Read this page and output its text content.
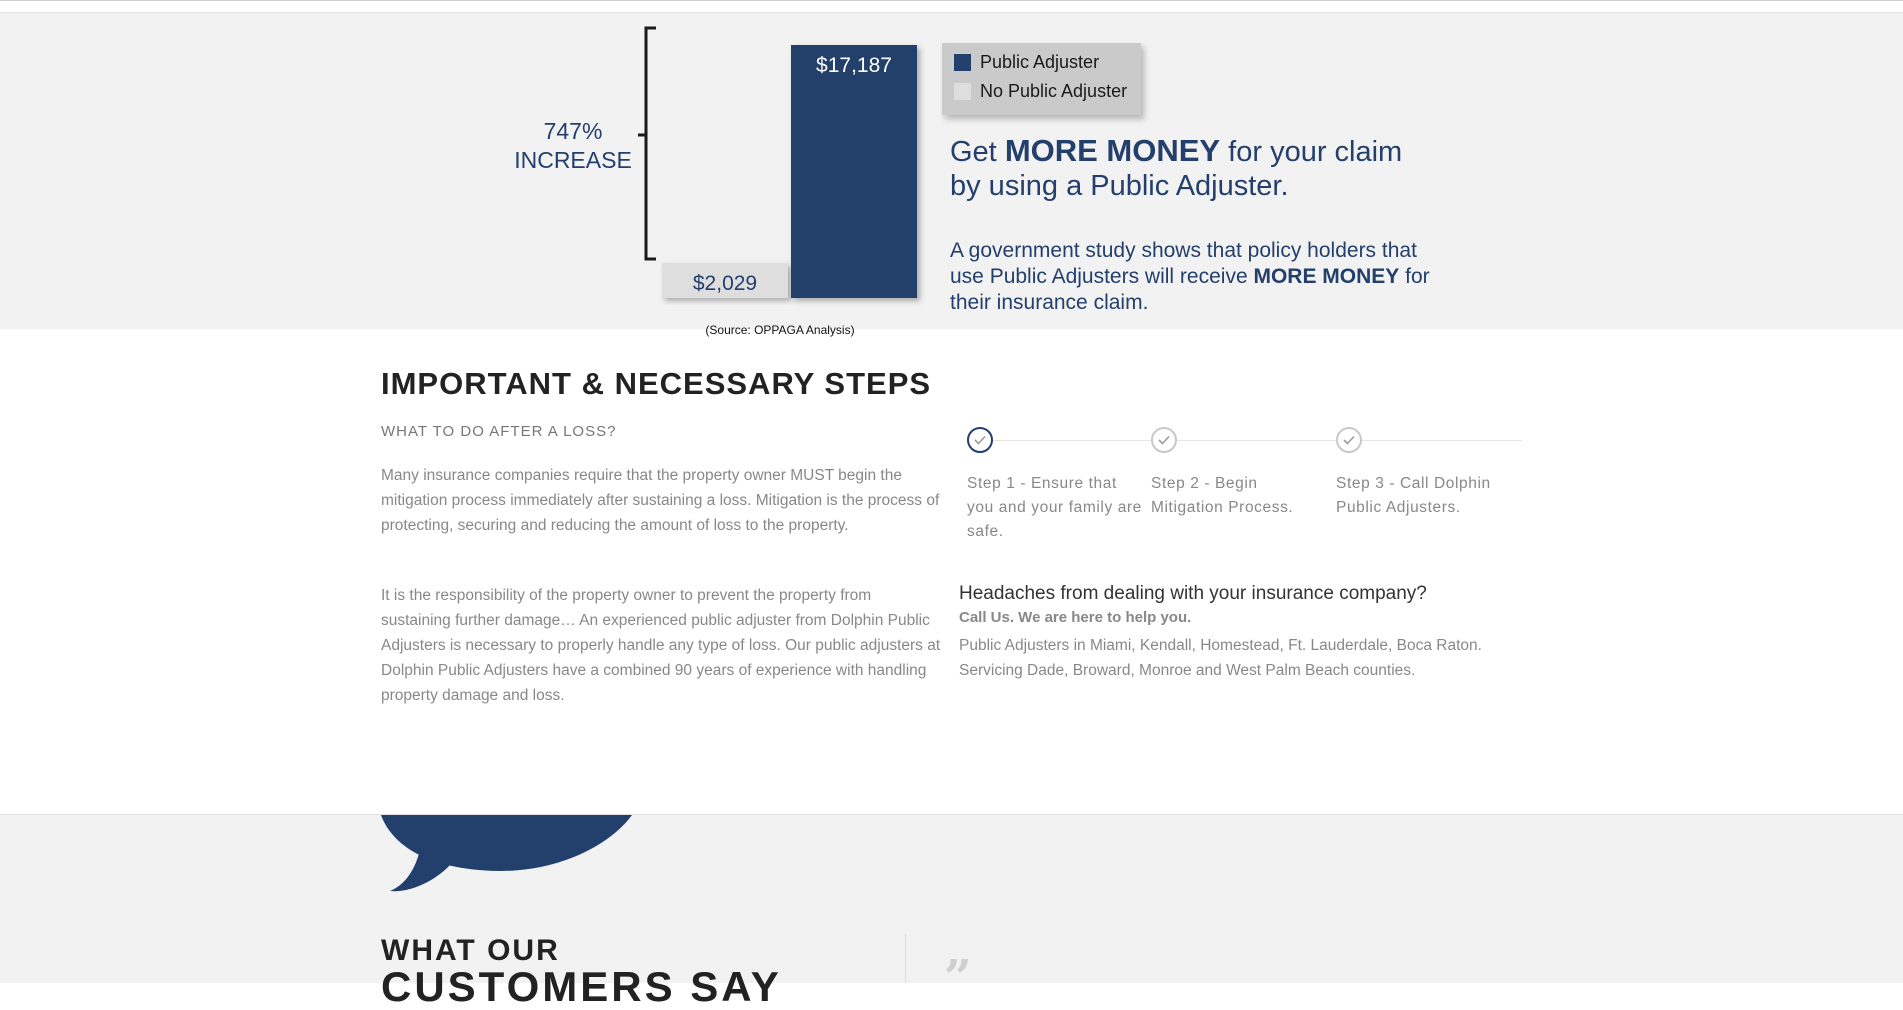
$2,029
$17,187
747%
INCREASE
Public Adjuster
No Public Adjuster
Get MORE MONEY for your claim by using a Public Adjuster.
A government study shows that policy holders that use Public Adjusters will receive MORE MONEY for their insurance claim.
(Source: OPPAGA Analysis)
IMPORTANT & NECESSARY STEPS
WHAT TO DO AFTER A LOSS?

Many insurance companies require that the property owner MUST begin the mitigation process immediately after sustaining a loss. Mitigation is the process of protecting, securing and reducing the amount of loss to the property.

It is the responsibility of the property owner to prevent the property from sustaining further damage… An experienced public adjuster from Dolphin Public Adjusters is necessary to properly handle any type of loss. Our public adjusters at Dolphin Public Adjusters have a combined 90 years of experience with handling property damage and loss.

Step 1 - Ensure that you and your family are safe.
Step 2 - Begin Mitigation Process.
Step 3 - Call Dolphin Public Adjusters.
Headaches from dealing with your insurance company?
Call Us. We are here to help you.
Public Adjusters in Miami, Kendall, Homestead, Ft. Lauderdale, Boca Raton. Servicing Dade, Broward, Monroe and West Palm Beach counties.
WHAT OUR
CUSTOMERS SAY	”
